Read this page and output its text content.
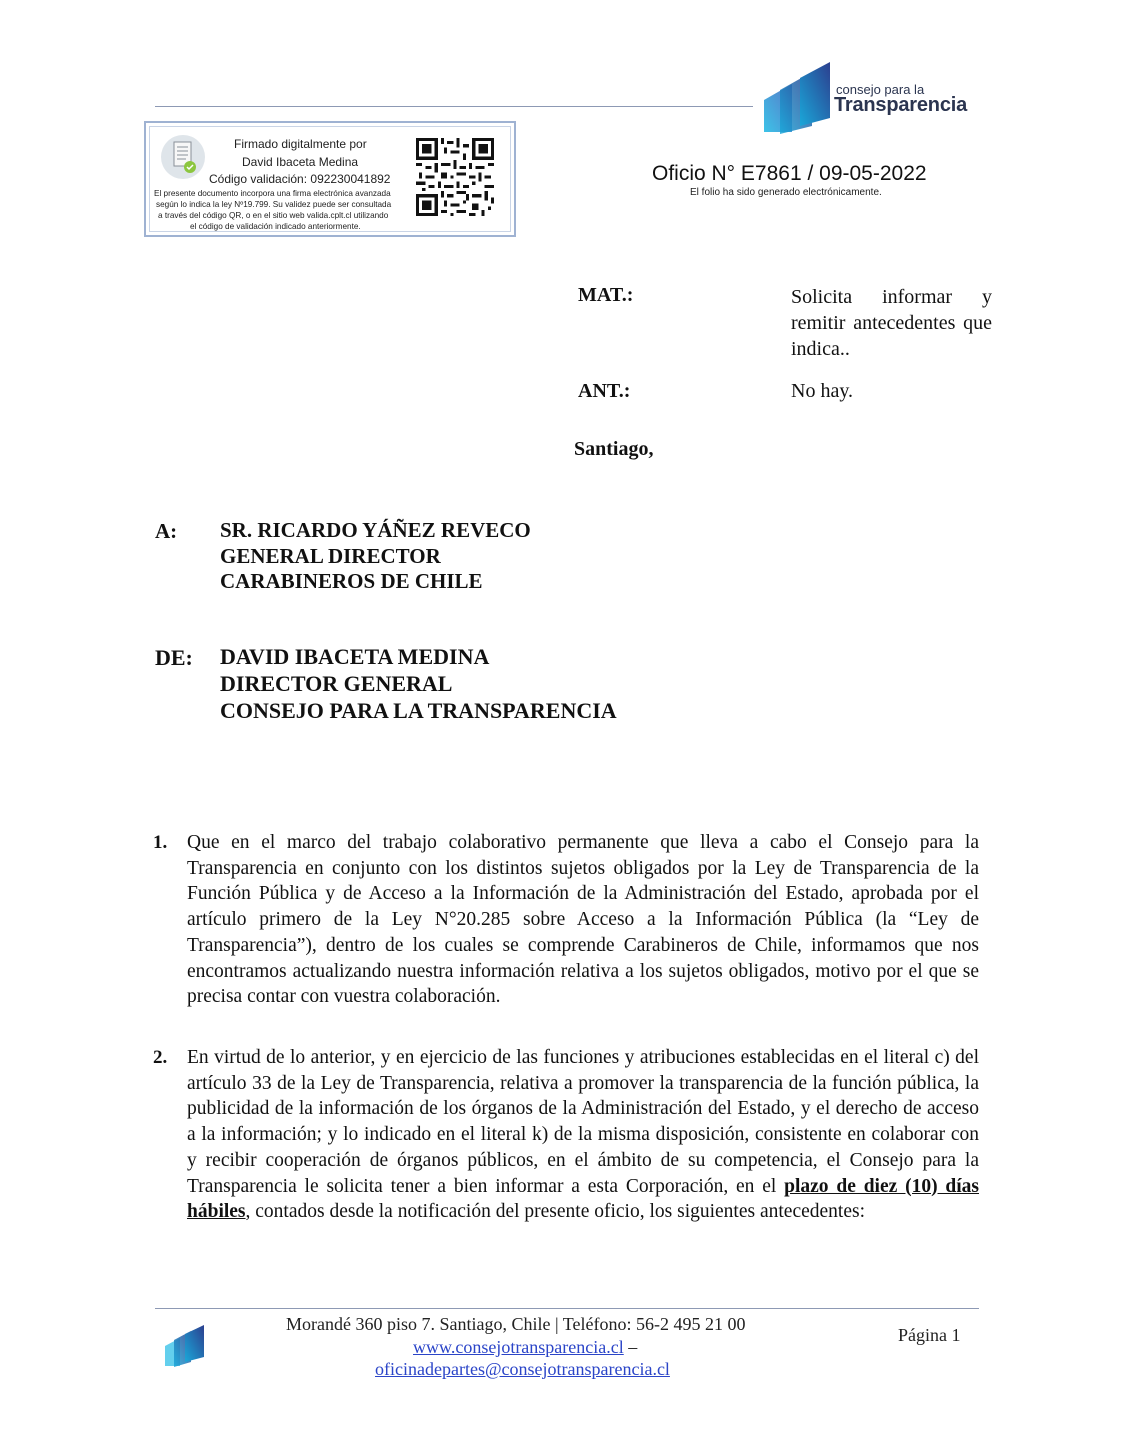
consejo para la
Transparencia
Firmado digitalmente por
David Ibaceta Medina
Código validación: 092230041892
El presente documento incorpora una firma electrónica avanzada
según lo indica la ley Nº19.799. Su validez puede ser consultada
a través del código QR, o en el sitio web valida.cplt.cl utilizando
el código de validación indicado anteriormente.
Oficio N° E7861 / 09-05-2022
El folio ha sido generado electrónicamente.
MAT.:	Solicita informar y remitir antecedentes que indica..
ANT.:	No hay.
Santiago,
A: SR. RICARDO YÁÑEZ REVECO
GENERAL DIRECTOR
CARABINEROS DE CHILE
DE: DAVID IBACETA MEDINA
DIRECTOR GENERAL
CONSEJO PARA LA TRANSPARENCIA
1. Que en el marco del trabajo colaborativo permanente que lleva a cabo el Consejo para la Transparencia en conjunto con los distintos sujetos obligados por la Ley de Transparencia de la Función Pública y de Acceso a la Información de la Administración del Estado, aprobada por el artículo primero de la Ley N°20.285 sobre Acceso a la Información Pública (la “Ley de Transparencia”), dentro de los cuales se comprende Carabineros de Chile, informamos que nos encontramos actualizando nuestra información relativa a los sujetos obligados, motivo por el que se precisa contar con vuestra colaboración.
2. En virtud de lo anterior, y en ejercicio de las funciones y atribuciones establecidas en el literal c) del artículo 33 de la Ley de Transparencia, relativa a promover la transparencia de la función pública, la publicidad de la información de los órganos de la Administración del Estado, y el derecho de acceso a la información; y lo indicado en el literal k) de la misma disposición, consistente en colaborar con y recibir cooperación de órganos públicos, en el ámbito de su competencia, el Consejo para la Transparencia le solicita tener a bien informar a esta Corporación, en el plazo de diez (10) días hábiles, contados desde la notificación del presente oficio, los siguientes antecedentes:
Morandé 360 piso 7. Santiago, Chile | Teléfono: 56-2 495 21 00
www.consejotransparencia.cl –
oficinadepartes@consejotransparencia.cl
Página 1
